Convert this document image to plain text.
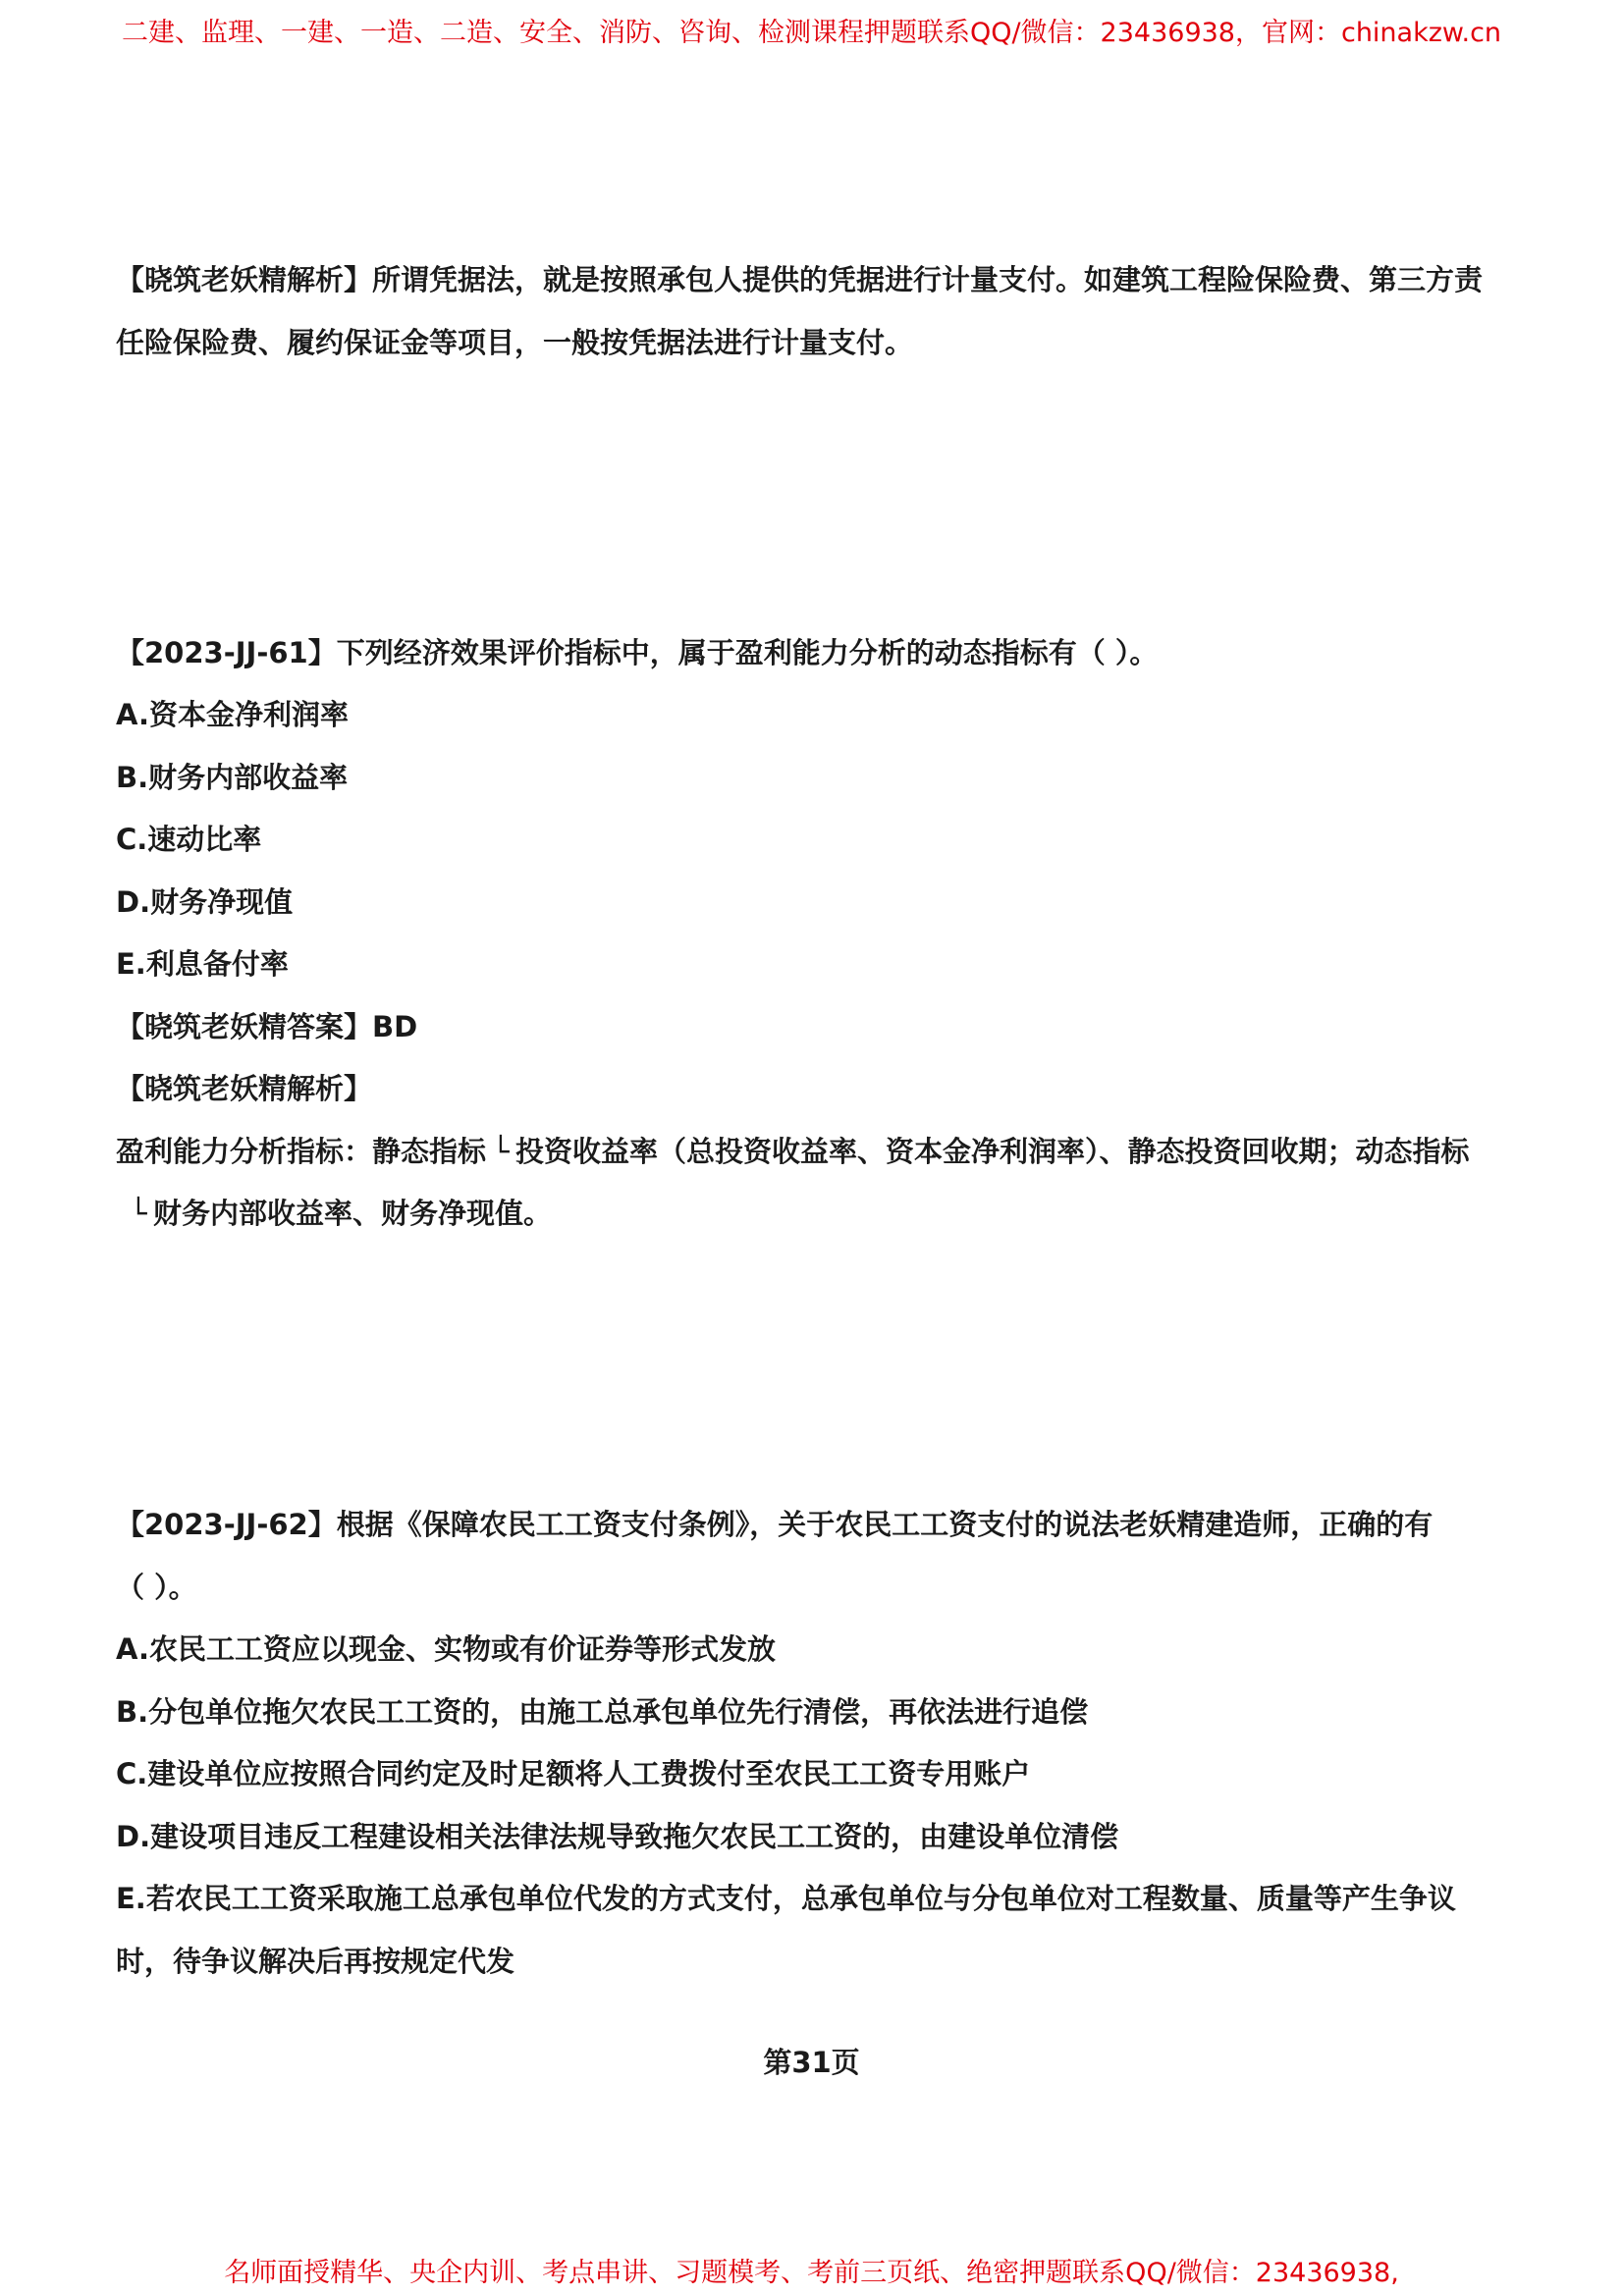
二建、监理、一建、一造、二造、安全、消防、咨询、检测课程押题联系QQ/微信：23436938，官网：chinakzw.cn
【晓筑老妖精解析】所谓凭据法，就是按照承包人提供的凭据进行计量支付。如建筑工程险保险费、第三方责
任险保险费、履约保证金等项目，一般按凭据法进行计量支付。
【2023-JJ-61】下列经济效果评价指标中，属于盈利能力分析的动态指标有（ ）。
A.资本金净利润率
B.财务内部收益率
C.速动比率
D.财务净现值
E.利息备付率
【晓筑老妖精答案】BD
【晓筑老妖精解析】
盈利能力分析指标：静态指标 └ 投资收益率（总投资收益率、资本金净利润率）、静态投资回收期；动态指标
└ 财务内部收益率、财务净现值。
【2023-JJ-62】根据《保障农民工工资支付条例》，关于农民工工资支付的说法老妖精建造师，正确的有
（ ）。
A.农民工工资应以现金、实物或有价证券等形式发放
B.分包单位拖欠农民工工资的，由施工总承包单位先行清偿，再依法进行追偿
C.建设单位应按照合同约定及时足额将人工费拨付至农民工工资专用账户
D.建设项目违反工程建设相关法律法规导致拖欠农民工工资的，由建设单位清偿
E.若农民工工资采取施工总承包单位代发的方式支付，总承包单位与分包单位对工程数量、质量等产生争议
时，待争议解决后再按规定代发
第31页
名师面授精华、央企内训、考点串讲、习题模考、考前三页纸、绝密押题联系QQ/微信：23436938,
